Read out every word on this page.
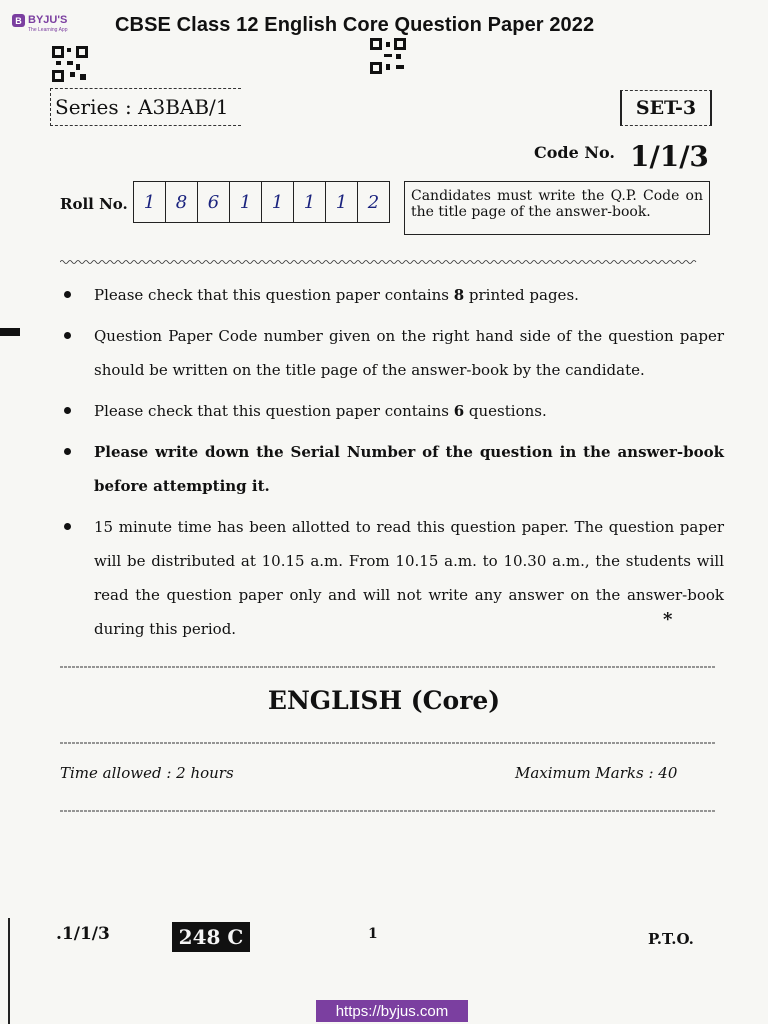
B BYJU'S
The Learning App CBSE Class 12 English Core Question Paper 2022
Series : A3BAB/1	SET-3
Code No. 1/1/3
Roll No. 1	8	6	1	1	1	1	2	Candidates must write the Q.P. Code on the title page of the answer-book.
Please check that this question paper contains 8 printed pages.
Question Paper Code number given on the right hand side of the question paper should be written on the title page of the answer-book by the candidate.
Please check that this question paper contains 6 questions.
Please write down the Serial Number of the question in the answer-book before attempting it.
15 minute time has been allotted to read this question paper. The question paper will be distributed at 10.15 a.m. From 10.15 a.m. to 10.30 a.m., the students will read the question paper only and will not write any answer on the answer-book during this period.	*
ENGLISH (Core)
Time allowed : 2 hours	Maximum Marks : 40
.1/1/3	248 C	1	P.T.O.
https://byjus.com
